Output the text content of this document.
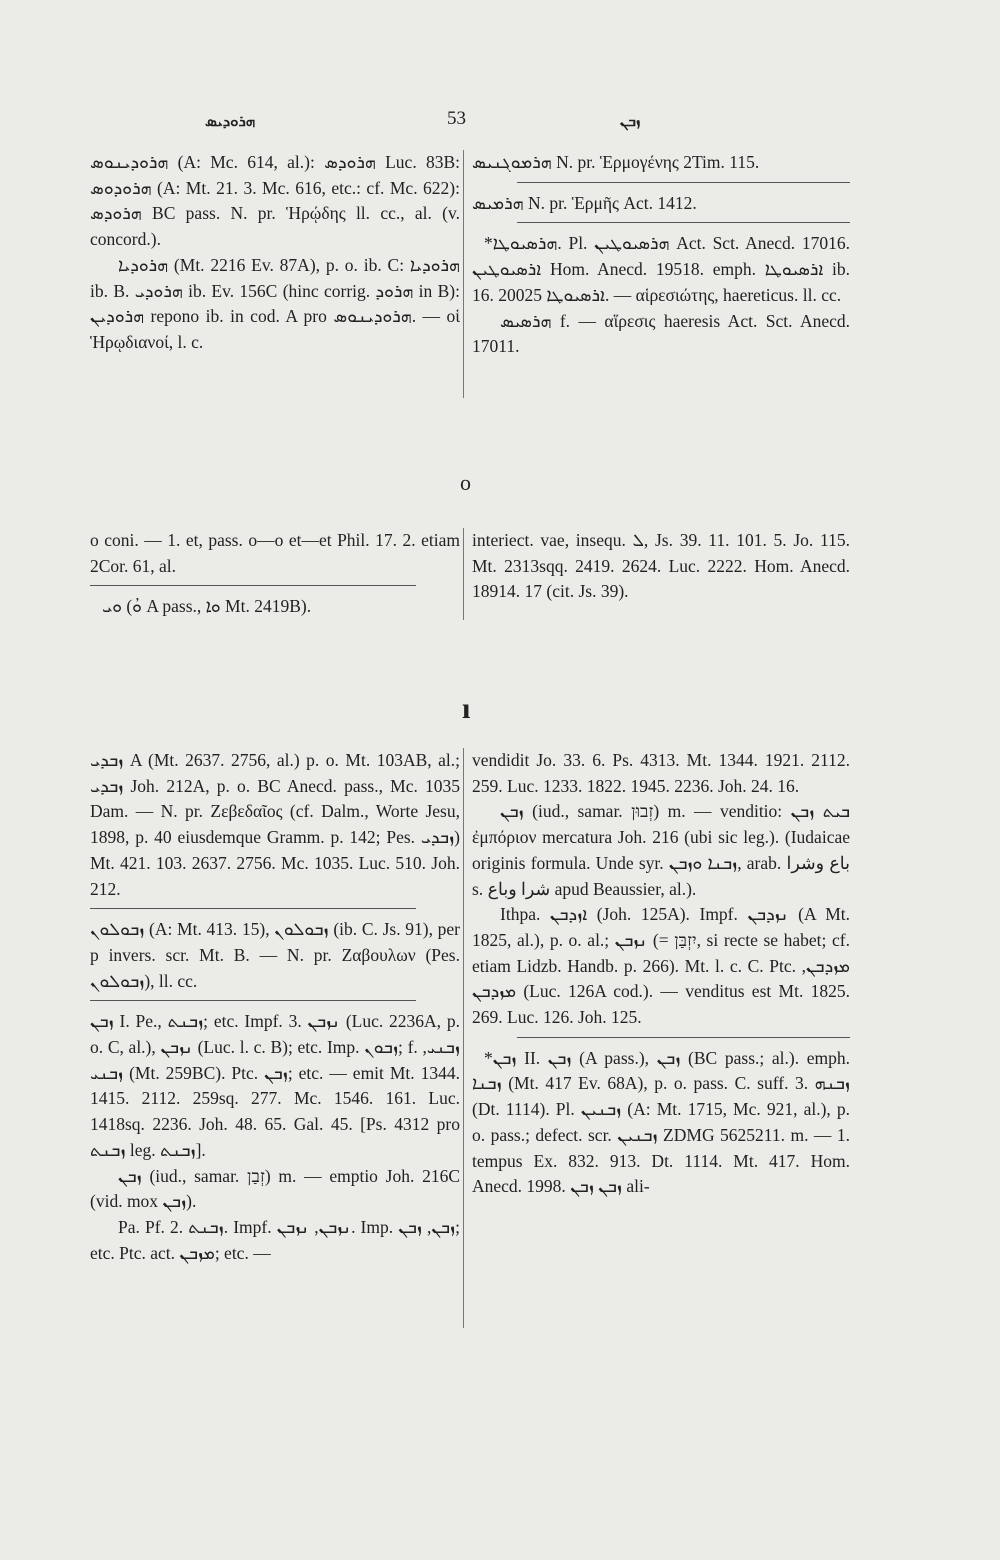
ܗܪܘܕܝܣ	53	ܙܒܢ

ܗܪܘܕܝܢܘܣ (A: Mc. 614, al.): ܗܪܘܕܣ Luc. 83B: ܗܪܘܕܘܣ (A: Mt. 21. 3. Mc. 616, etc.: cf. Mc. 622): ܗܪܘܕܣ BC pass. N. pr. Ἡρῴδης ll. cc., al. (v. concord.).

ܗܪܘܕܝܐ (Mt. 2216 Ev. 87A), p. o. ib. C: ܗܪܘܕܝܐ ib. B. ܗܪܘܕܝ ib. Ev. 156C (hinc corrig. ܗܪܘܕ in B): ܗܪܘܕܝܢ repono ib. in cod. A pro ܗܪܘܕܝܢܘܣ. — οἱ Ἡρῳδιανοί, l. c.

ܗܪܡܘܓܢܝܣ N. pr. Ἑρμογένης 2Tim. 115.

ܗܪܡܝܣ N. pr. Ἑρμῆς Act. 1412.

*ܗܪܣܝܘܛܐ. Pl. ܗܪܣܝܘܛܝܢ Act. Sct. Anecd. 17016. ܐܪܣܝܘܛܝܢ Hom. Anecd. 19518. emph. ܐܪܣܝܘܛܐ ib. 16. ܐܪܣܝܘܛܐ 20025. — αἱρεσιώτης, haereticus. ll. cc.

ܗܪܣܝܣ f. — αἵρεσις haeresis Act. Sct. Anecd. 17011.

o

o coni. — 1. et, pass. o—o et—et Phil. 17. 2. etiam 2Cor. 61, al.

ܘܝ (ܘܳ A pass., ܘܐ Mt. 2419B).

interiect. vae, insequ. ܠ, Js. 39. 11. 101. 5. Jo. 115. Mt. 2313sqq. 2419. 2624. Luc. 2222. Hom. Anecd. 18914. 17 (cit. Js. 39).

ı

ܙܒܕܝ A (Mt. 2637. 2756, al.) p. o. Mt. 103AB, al.; ܙܒܕܝ Joh. 212A, p. o. BC Anecd. pass., Mc. 1035 Dam. — N. pr. Ζεβεδαῖος (cf. Dalm., Worte Jesu, 1898, p. 40 eiusdemque Gramm. p. 142; Pes. ܙܒܕܝ) Mt. 421. 103. 2637. 2756. Mc. 1035. Luc. 510. Joh. 212.

ܙܒܘܠܘܢ (A: Mt. 413. 15), ܙܒܘܠܘܢ (ib. C. Js. 91), per p invers. scr. Mt. B. — N. pr. Ζαβουλων (Pes. ܙܒܘܠܘܢ), ll. cc.

ܙܒܢ I. Pe., ܙܒܢܬ; etc. Impf. 3. ܢܙܒܢ (Luc. 2236A, p. o. C, al.), ܢܙܒܢ (Luc. l. c. B); etc. Imp. ܙܒܘܢ; f. ܙܒܢܝ, ܙܒܢܝ (Mt. 259BC). Ptc. ܙܒܢ; etc. — emit Mt. 1344. 1415. 2112. 259sq. 277. Mc. 1546. 161. Luc. 1418sq. 2236. Joh. 48. 65. Gal. 45. [Ps. 4312 pro ܙܒܢܬ leg. ܙܒܢܬ].

ܙܒܢ (iud., samar. זְבַן) m. — emptio Joh. 216C (vid. mox ܙܒܢ).

Pa. Pf. 2. ܙܒܢܬ. Impf. ܢܙܒܢ, ܢܙܒܢ. Imp. ܙܒܢ, ܙܒܢ; etc. Ptc. act. ܡܙܒܢ; etc. —

vendidit Jo. 33. 6. Ps. 4313. Mt. 1344. 1921. 2112. 259. Luc. 1233. 1822. 1945. 2236. Joh. 24. 16.

ܙܒܢ (iud., samar. זְבוּן) m. — venditio: ܒܝܬ ܙܒܢ ἐμπόριον mercatura Joh. 216 (ubi sic leg.). (Iudaicae originis formula. Unde syr. ܙܒܢܐ ܘܙܒܢ, arab. باع وشرا s. شرا وباع apud Beaussier, al.).

Ithpa. ܐܙܕܒܢ (Joh. 125A). Impf. ܢܙܕܒܢ (A Mt. 1825, al.), p. o. al.; ܢܙܒܢ (= יִזְבַּן, si recte se habet; cf. etiam Lidzb. Handb. p. 266). Mt. l. c. C. Ptc. ܡܙܕܒܢ, ܡܙܕܒܢ (Luc. 126A cod.). — venditus est Mt. 1825. 269. Luc. 126. Joh. 125.

*ܙܒܢ II. ܙܒܢ (A pass.), ܙܒܢ (BC pass.; al.). emph. ܙܒܢܐ (Mt. 417 Ev. 68A), p. o. pass. C. suff. 3. ܙܒܢܗ (Dt. 1114). Pl. ܙܒܢܝܢ (A: Mt. 1715, Mc. 921, al.), p. o. pass.; defect. scr. ܙܒܢܝܢ ZDMG 5625211. m. — 1. tempus Ex. 832. 913. Dt. 1114. Mt. 417. Hom. Anecd. 1998. ܙܒܢ ܙܒܢ ali-
